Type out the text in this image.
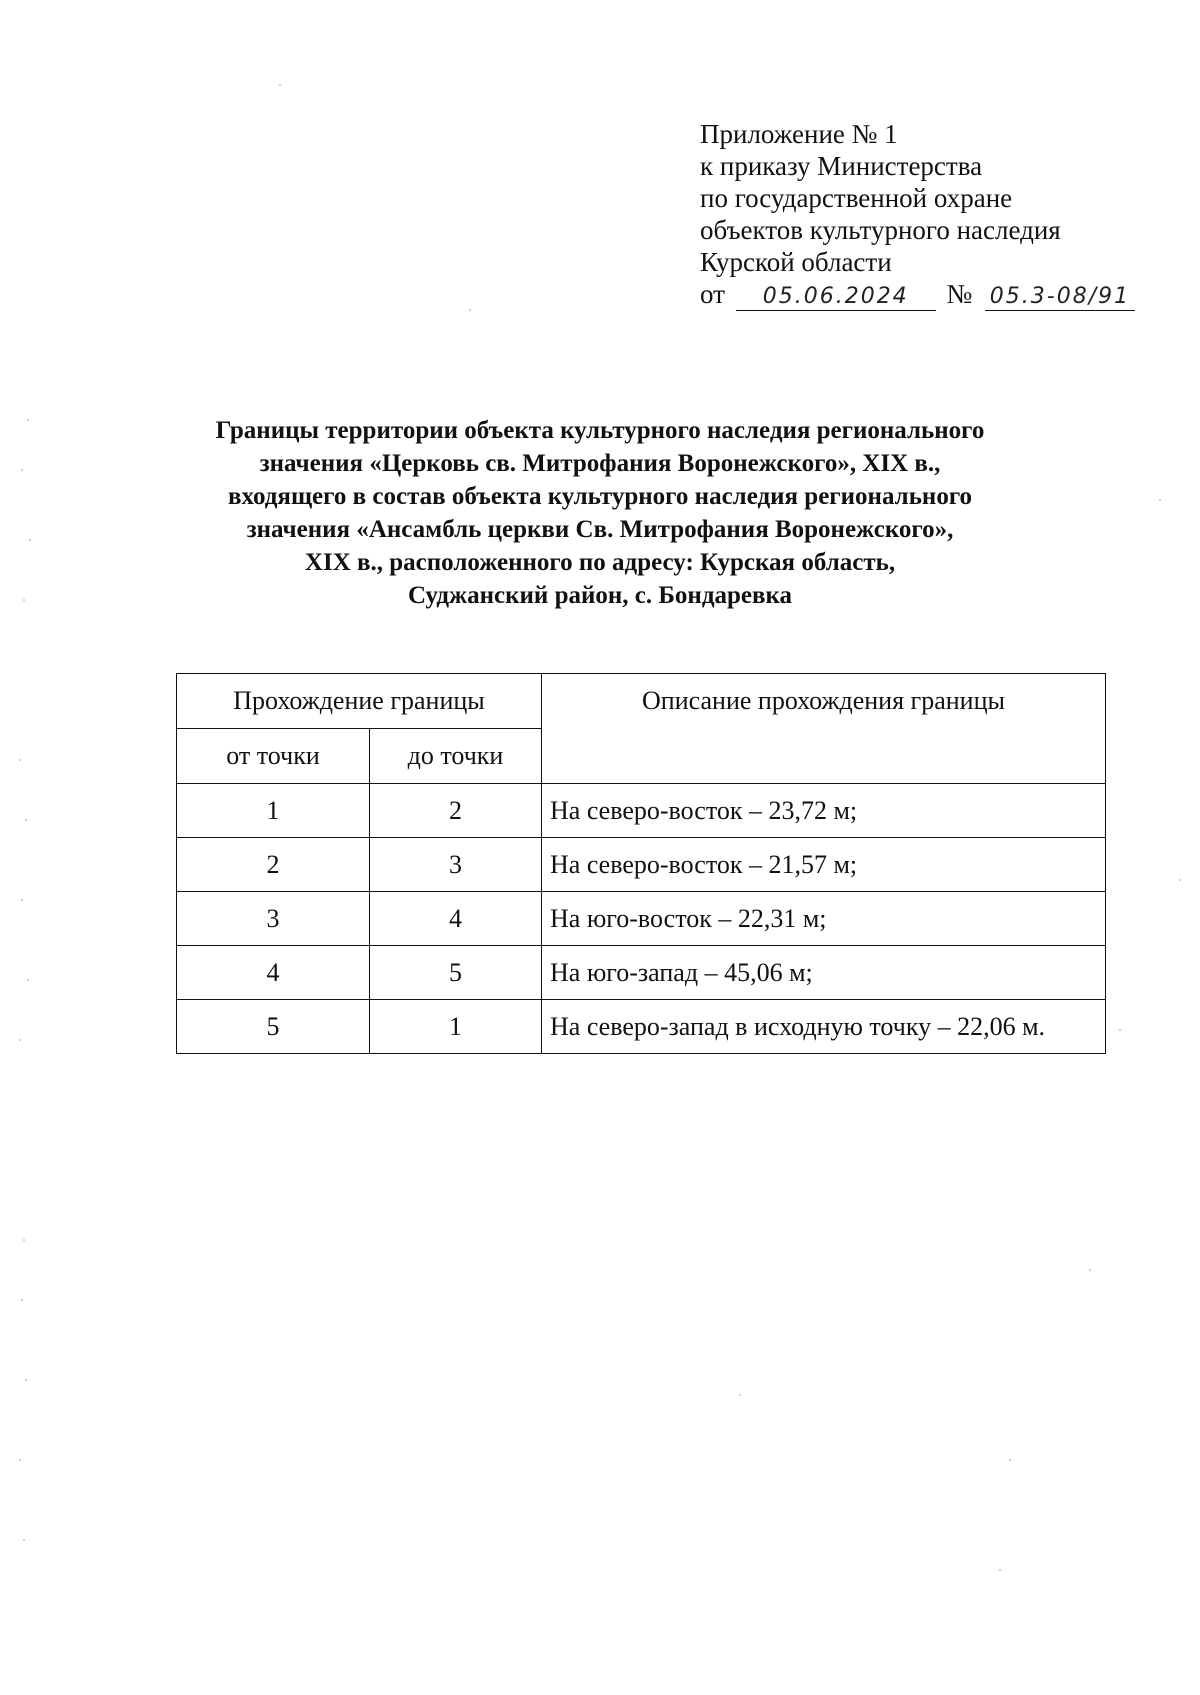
Приложение № 1
к приказу Министерства
по государственной охране
объектов культурного наследия
Курской области
от 05.06.2024 № 05.3-08/91
Границы территории объекта культурного наследия регионального
значения «Церковь св. Митрофания Воронежского», XIX в.,
входящего в состав объекта культурного наследия регионального
значения «Ансамбль церкви Св. Митрофания Воронежского»,
XIX в., расположенного по адресу: Курская область,
Суджанский район, с. Бондаревка
Прохождение границы		Описание прохождения границы
от точки	до точки	
1	2	На северо-восток – 23,72 м;
2	3	На северо-восток – 21,57 м;
3	4	На юго-восток – 22,31 м;
4	5	На юго-запад – 45,06 м;
5	1	На северо-запад в исходную точку – 22,06 м.
